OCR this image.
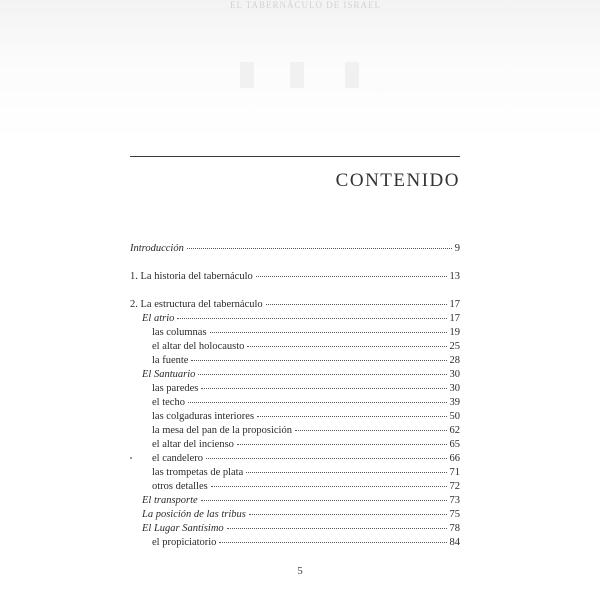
EL TABERNÁCULO DE ISRAEL
CONTENIDO
Introducción	9
1. La historia del tabernáculo	13
2. La estructura del tabernáculo	17
El atrio	17
las columnas	19
el altar del holocausto	25
la fuente	28
El Santuario	30
las paredes	30
el techo	39
las colgaduras interiores	50
la mesa del pan de la proposición	62
el altar del incienso	65
el candelero	66
las trompetas de plata	71
otros detalles	72
El transporte	73
La posición de las tribus	75
El Lugar Santísimo	78
el propiciatorio	84
5
